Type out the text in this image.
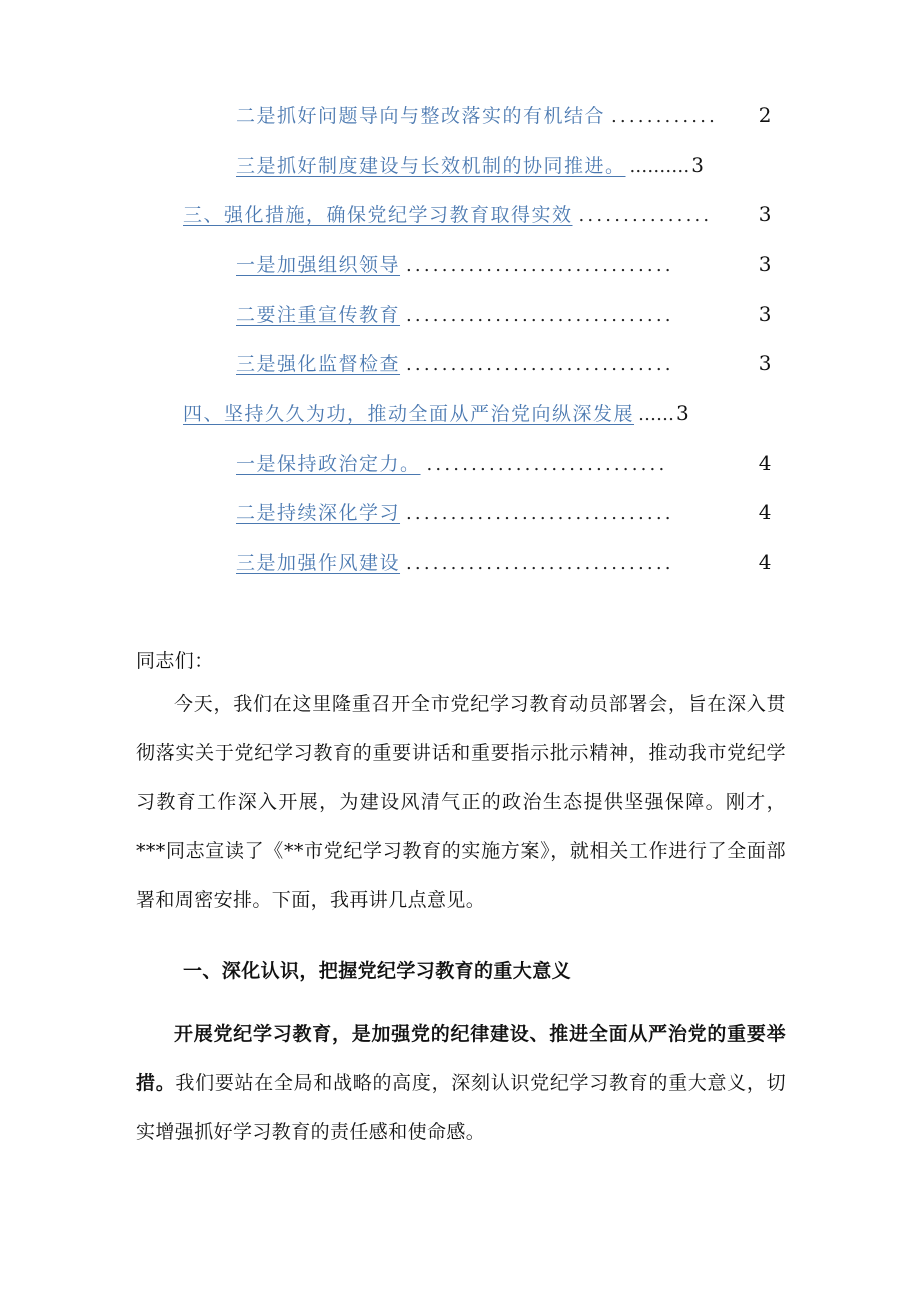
二是抓好问题导向与整改落实的有机结合 ............	2
三是抓好制度建设与长效机制的协同推进。 .……… 3
三、强化措施，确保党纪学习教育取得实效 ...............	3
一是加强组织领导 ..............................	3
二要注重宣传教育 ..............................	3
三是强化监督检查 ..............................	3
四、坚持久久为功，推动全面从严治党向纵深发展 …… 3
一是保持政治定力。 ...........................	4
二是持续深化学习 ..............................	4
三是加强作风建设 ..............................	4
同志们：
今天，我们在这里隆重召开全市党纪学习教育动员部署会，旨在深入贯彻落实关于党纪学习教育的重要讲话和重要指示批示精神，推动我市党纪学习教育工作深入开展，为建设风清气正的政治生态提供坚强保障。刚才，***同志宣读了《**市党纪学习教育的实施方案》，就相关工作进行了全面部署和周密安排。下面，我再讲几点意见。
一、深化认识，把握党纪学习教育的重大意义
开展党纪学习教育，是加强党的纪律建设、推进全面从严治党的重要举措。我们要站在全局和战略的高度，深刻认识党纪学习教育的重大意义，切实增强抓好学习教育的责任感和使命感。
